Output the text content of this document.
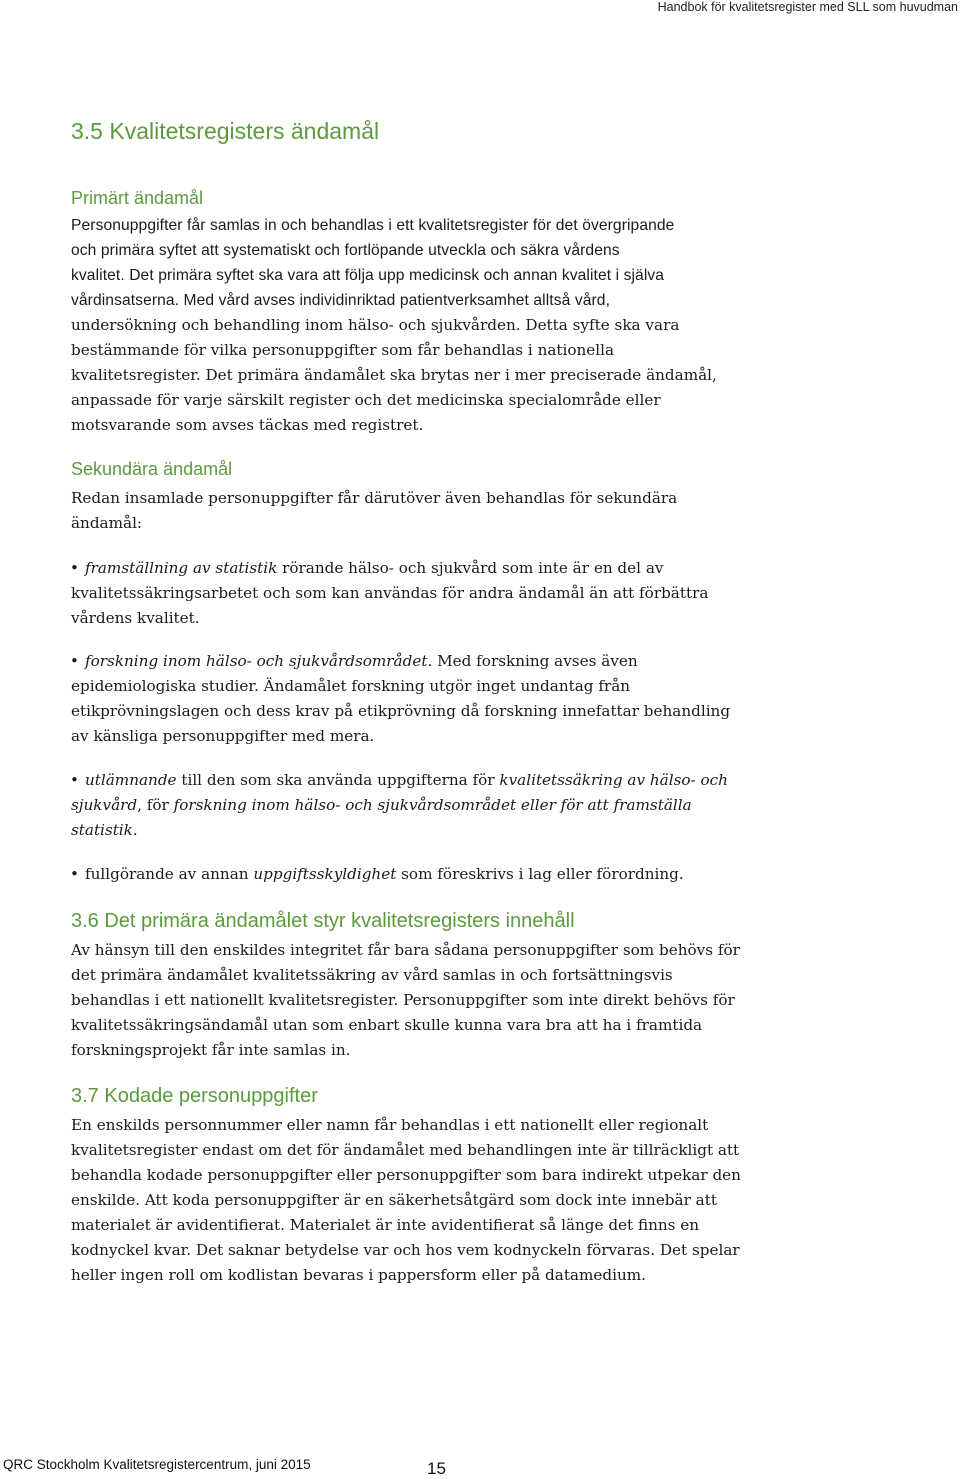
Handbok för kvalitetsregister med SLL som huvudman
3.5 Kvalitetsregisters ändamål
Primärt ändamål
Personuppgifter får samlas in och behandlas i ett kvalitetsregister för det övergripande
och primära syftet att systematiskt och fortlöpande utveckla och säkra vårdens
kvalitet. Det primära syftet ska vara att följa upp medicinsk och annan kvalitet i själva
vårdinsatserna. Med vård avses individinriktad patientverksamhet alltså vård,
undersökning och behandling inom hälso- och sjukvården. Detta syfte ska vara
bestämmande för vilka personuppgifter som får behandlas i nationella
kvalitetsregister. Det primära ändamålet ska brytas ner i mer preciserade ändamål,
anpassade för varje särskilt register och det medicinska specialområde eller
motsvarande som avses täckas med registret.
Sekundära ändamål
Redan insamlade personuppgifter får därutöver även behandlas för sekundära
ändamål:
• framställning av statistik rörande hälso- och sjukvård som inte är en del av
kvalitetssäkringsarbetet och som kan användas för andra ändamål än att förbättra
vårdens kvalitet.
• forskning inom hälso- och sjukvårdsområdet. Med forskning avses även
epidemiologiska studier. Ändamålet forskning utgör inget undantag från
etikprövningslagen och dess krav på etikprövning då forskning innefattar behandling
av känsliga personuppgifter med mera.
• utlämnande till den som ska använda uppgifterna för kvalitetssäkring av hälso- och
sjukvård, för forskning inom hälso- och sjukvårdsområdet eller för att framställa
statistik.
• fullgörande av annan uppgiftsskyldighet som föreskrivs i lag eller förordning.
3.6 Det primära ändamålet styr kvalitetsregisters innehåll
Av hänsyn till den enskildes integritet får bara sådana personuppgifter som behövs för
det primära ändamålet kvalitetssäkring av vård samlas in och fortsättningsvis
behandlas i ett nationellt kvalitetsregister. Personuppgifter som inte direkt behövs för
kvalitetssäkringsändamål utan som enbart skulle kunna vara bra att ha i framtida
forskningsprojekt får inte samlas in.
3.7 Kodade personuppgifter
En enskilds personnummer eller namn får behandlas i ett nationellt eller regionalt
kvalitetsregister endast om det för ändamålet med behandlingen inte är tillräckligt att
behandla kodade personuppgifter eller personuppgifter som bara indirekt utpekar den
enskilde. Att koda personuppgifter är en säkerhetsåtgärd som dock inte innebär att
materialet är avidentifierat. Materialet är inte avidentifierat så länge det finns en
kodnyckel kvar. Det saknar betydelse var och hos vem kodnyckeln förvaras. Det spelar
heller ingen roll om kodlistan bevaras i pappersform eller på datamedium.
QRC Stockholm Kvalitetsregistercentrum, juni 2015	15
